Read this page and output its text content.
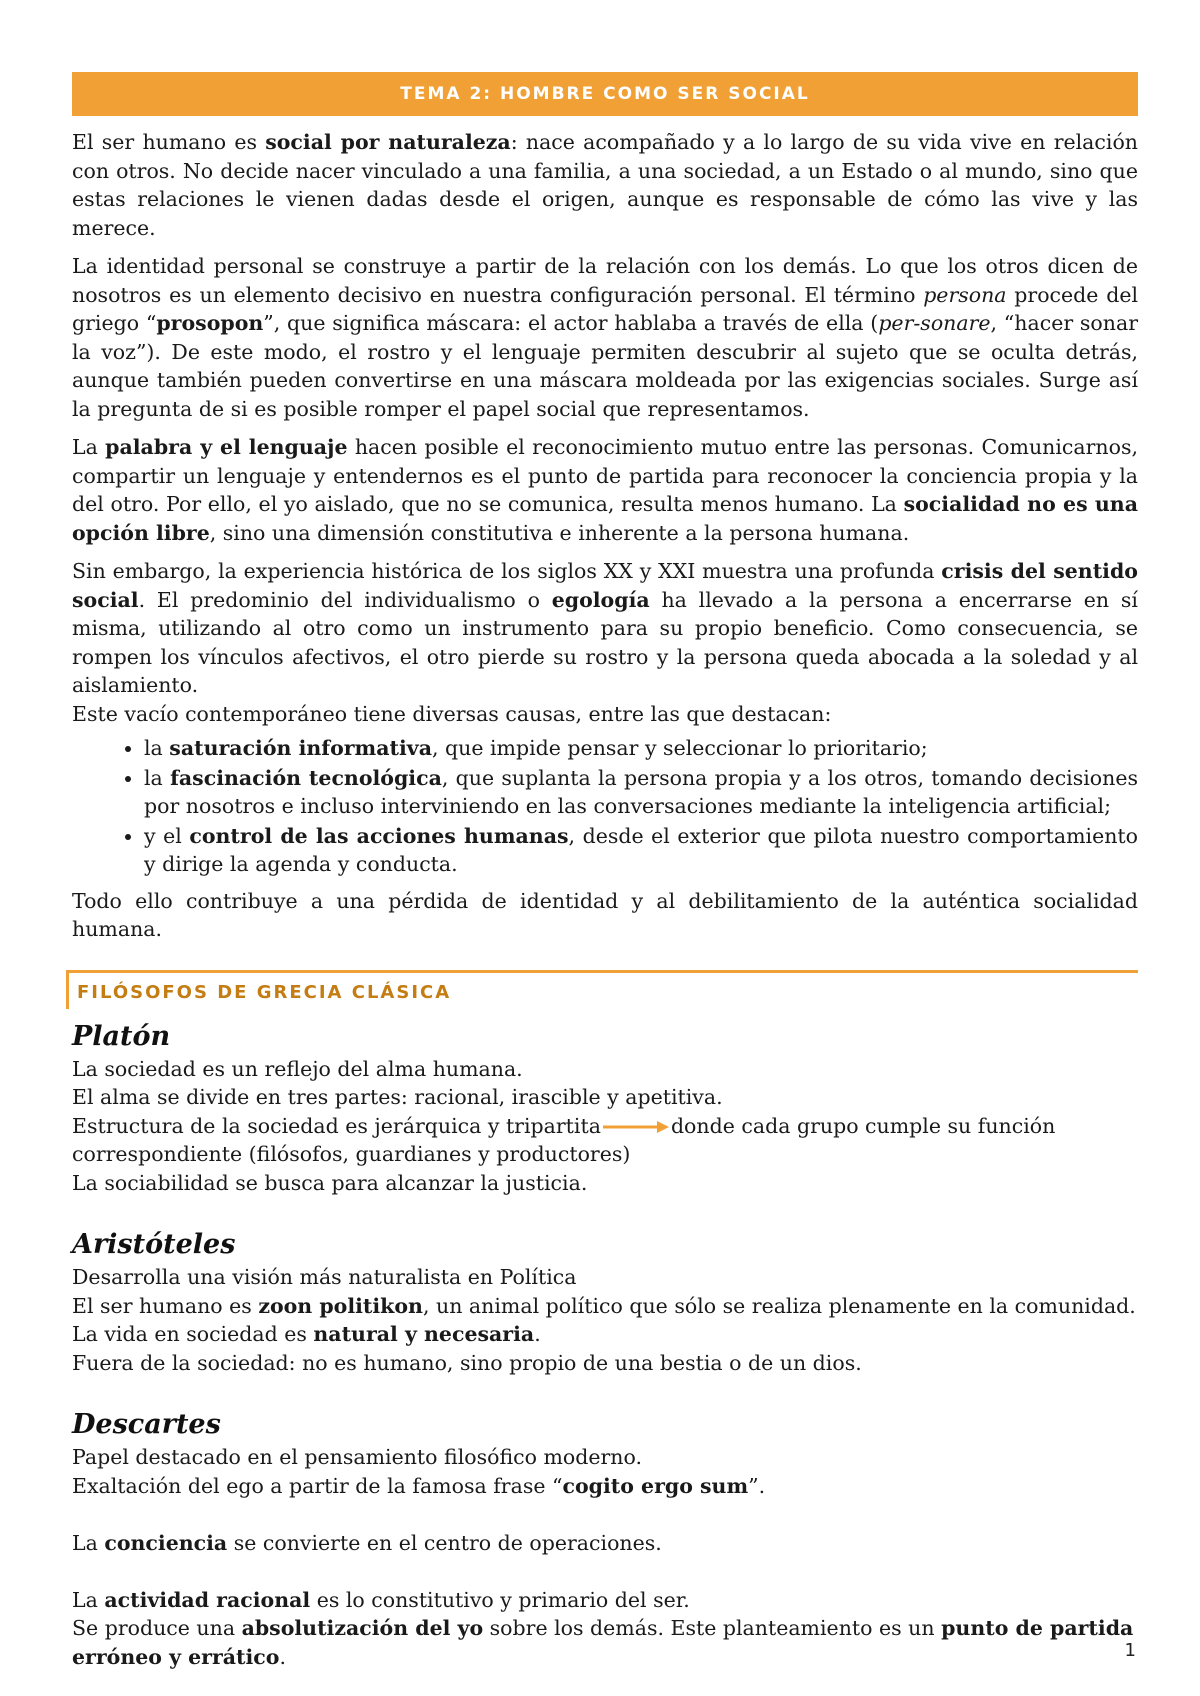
TEMA 2: HOMBRE COMO SER SOCIAL

El ser humano es social por naturaleza: nace acompañado y a lo largo de su vida vive en relación con otros. No decide nacer vinculado a una familia, a una sociedad, a un Estado o al mundo, sino que estas relaciones le vienen dadas desde el origen, aunque es responsable de cómo las vive y las merece.

La identidad personal se construye a partir de la relación con los demás. Lo que los otros dicen de nosotros es un elemento decisivo en nuestra configuración personal. El término persona procede del griego “prosopon”, que significa máscara: el actor hablaba a través de ella (per-sonare, “hacer sonar la voz”). De este modo, el rostro y el lenguaje permiten descubrir al sujeto que se oculta detrás, aunque también pueden convertirse en una máscara moldeada por las exigencias sociales. Surge así la pregunta de si es posible romper el papel social que representamos.

La palabra y el lenguaje hacen posible el reconocimiento mutuo entre las personas. Comunicarnos, compartir un lenguaje y entendernos es el punto de partida para reconocer la conciencia propia y la del otro. Por ello, el yo aislado, que no se comunica, resulta menos humano. La socialidad no es una opción libre, sino una dimensión constitutiva e inherente a la persona humana.

Sin embargo, la experiencia histórica de los siglos XX y XXI muestra una profunda crisis del sentido social. El predominio del individualismo o egología ha llevado a la persona a encerrarse en sí misma, utilizando al otro como un instrumento para su propio beneficio. Como consecuencia, se rompen los vínculos afectivos, el otro pierde su rostro y la persona queda abocada a la soledad y al aislamiento.

Este vacío contemporáneo tiene diversas causas, entre las que destacan:

• la saturación informativa, que impide pensar y seleccionar lo prioritario;
• la fascinación tecnológica, que suplanta la persona propia y a los otros, tomando decisiones por nosotros e incluso interviniendo en las conversaciones mediante la inteligencia artificial;
• y el control de las acciones humanas, desde el exterior que pilota nuestro comportamiento y dirige la agenda y conducta.

Todo ello contribuye a una pérdida de identidad y al debilitamiento de la auténtica socialidad humana.

FILÓSOFOS DE GRECIA CLÁSICA
Platón
La sociedad es un reflejo del alma humana.
El alma se divide en tres partes: racional, irascible y apetitiva.
Estructura de la sociedad es jerárquica y tripartita	donde cada grupo cumple su función correspondiente (filósofos, guardianes y productores)
La sociabilidad se busca para alcanzar la justicia.
Aristóteles
Desarrolla una visión más naturalista en Política
El ser humano es zoon politikon, un animal político que sólo se realiza plenamente en la comunidad.
La vida en sociedad es natural y necesaria.
Fuera de la sociedad: no es humano, sino propio de una bestia o de un dios.
Descartes
Papel destacado en el pensamiento filosófico moderno.
Exaltación del ego a partir de la famosa frase “cogito ergo sum”.
La conciencia se convierte en el centro de operaciones.
La actividad racional es lo constitutivo y primario del ser.
Se produce una absolutización del yo sobre los demás. Este planteamiento es un punto de partida erróneo y errático.	1
